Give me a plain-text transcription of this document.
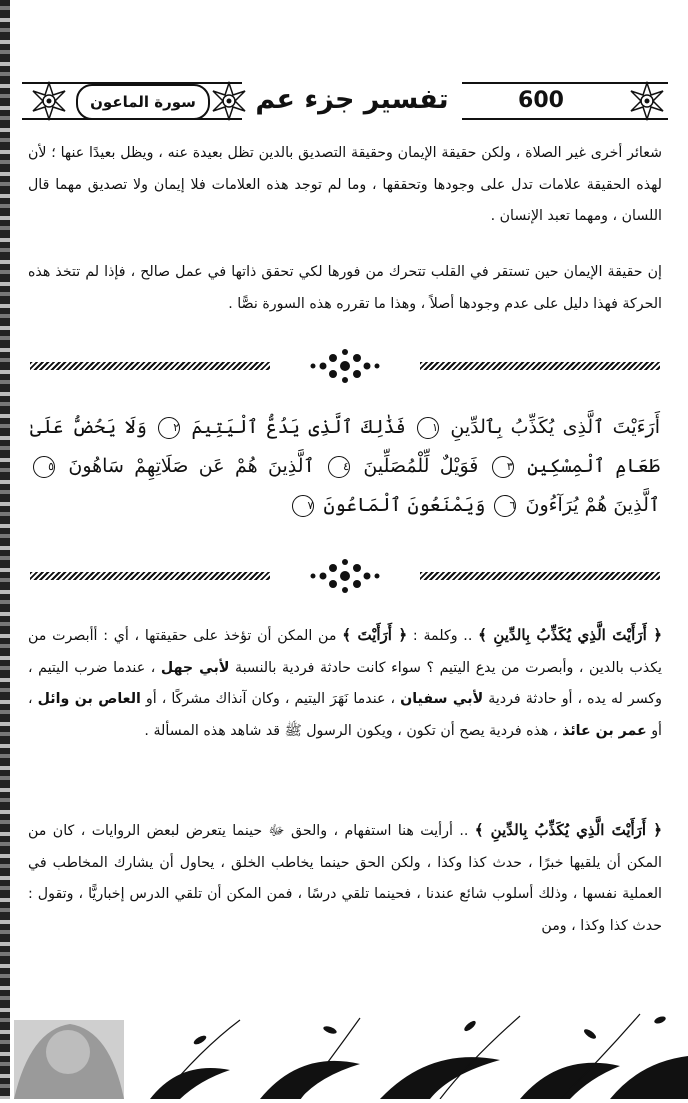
600
تفسير جزء عم
سورة الماعون
شعائر أخرى غير الصلاة ، ولكن حقيقة الإيمان وحقيقة التصديق بالدين تظل بعيدة عنه ، ويظل بعيدًا عنها ؛ لأن لهذه الحقيقة علامات تدل على وجودها وتحققها ، وما لم توجد هذه العلامات فلا إيمان ولا تصديق مهما قال اللسان ، ومهما تعبد الإنسان .
إن حقيقة الإيمان حين تستقر في القلب تتحرك من فورها لكي تحقق ذاتها في عمل صالح ، فإذا لم تتخذ هذه الحركة فهذا دليل على عدم وجودها أصلاً ، وهذا ما تقرره هذه السورة نصًّا .
أَرَءَيْتَ ٱلَّذِى يُكَذِّبُ بِٱلدِّينِ ١ فَذَٰلِكَ ٱلَّذِى يَدُعُّ ٱلْيَتِيمَ ٢ وَلَا يَحُضُّ عَلَىٰ طَعَامِ ٱلْمِسْكِينِ ٣ فَوَيْلٌ لِّلْمُصَلِّينَ ٤ ٱلَّذِينَ هُمْ عَن صَلَاتِهِمْ سَاهُونَ ٥ ٱلَّذِينَ هُمْ يُرَآءُونَ ٦ وَيَمْنَعُونَ ٱلْمَاعُونَ ٧
﴿ أَرَأَيْتَ الَّذِي يُكَذِّبُ بِالدِّينِ ﴾ .. وكلمة : ﴿ أَرَأَيْتَ ﴾ من المكن أن تؤخذ على حقيقتها ، أي : أأبصرت من يكذب بالدين ، وأبصرت من يدع اليتيم ؟ سواء كانت حادثة فردية بالنسبة لأبي جهل ، عندما ضرب اليتيم ، وكسر له يده ، أو حادثة فردية لأبي سفيان ، عندما نَهَرَ اليتيم ، وكان آنذاك مشركًا ، أو العاص بن وائل ، أو عمر بن عائذ ، هذه فردية يصح أن تكون ، ويكون الرسول ﷺ قد شاهد هذه المسألة .
﴿ أَرَأَيْتَ الَّذِي يُكَذِّبُ بِالدِّينِ ﴾ .. أرأيت هنا استفهام ، والحق ﷻ حينما يتعرض لبعض الروايات ، كان من المكن أن يلقيها خبرًا ، حدث كذا وكذا ، ولكن الحق حينما يخاطب الخلق ، يحاول أن يشارك المخاطب في العملية نفسها ، وذلك أسلوب شائع عندنا ، فحينما تلقي درسًا ، فمن المكن أن تلقي الدرس إخباريًّا ، وتقول : حدث كذا وكذا ، ومن
